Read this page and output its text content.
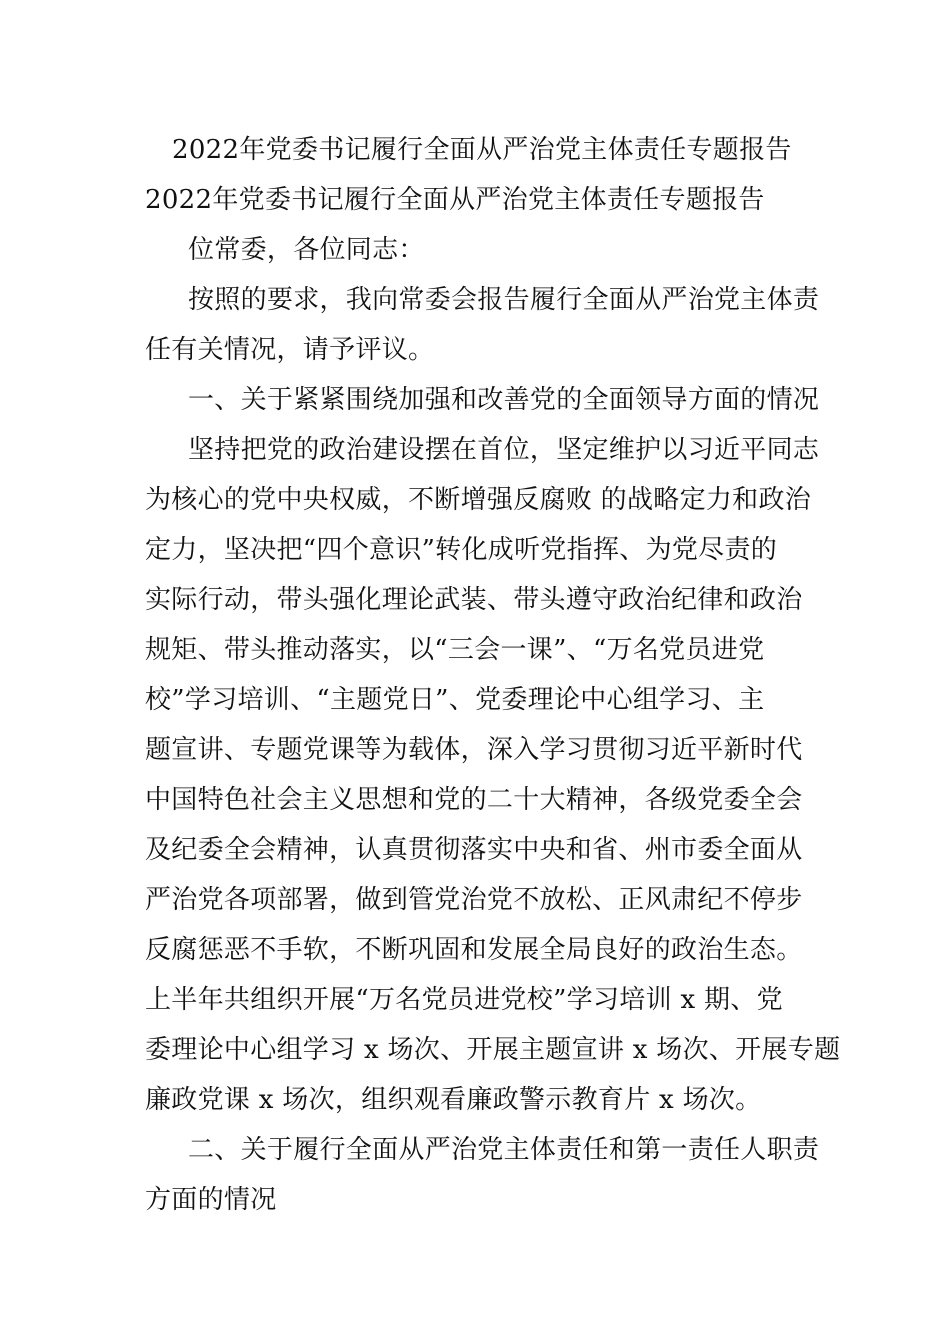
2022年党委书记履行全面从严治党主体责任专题报告
2022年党委书记履行全面从严治党主体责任专题报告
位常委，各位同志：
按照的要求，我向常委会报告履行全面从严治党主体责
任有关情况，请予评议。
一、关于紧紧围绕加强和改善党的全面领导方面的情况
坚持把党的政治建设摆在首位，坚定维护以习近平同志
为核心的党中央权威，不断增强反腐败 的战略定力和政治
定力，坚决把“四个意识”转化成听党指挥、为党尽责的
实际行动，带头强化理论武装、带头遵守政治纪律和政治
规矩、带头推动落实，以“三会一课”、“万名党员进党
校”学习培训、“主题党日”、党委理论中心组学习、主
题宣讲、专题党课等为载体，深入学习贯彻习近平新时代
中国特色社会主义思想和党的二十大精神，各级党委全会
及纪委全会精神，认真贯彻落实中央和省、州市委全面从
严治党各项部署，做到管党治党不放松、正风肃纪不停步
反腐惩恶不手软，不断巩固和发展全局良好的政治生态。
上半年共组织开展“万名党员进党校”学习培训 x 期、党
委理论中心组学习 x 场次、开展主题宣讲 x 场次、开展专题
廉政党课 x 场次，组织观看廉政警示教育片 x 场次。
二、关于履行全面从严治党主体责任和第一责任人职责
方面的情况
